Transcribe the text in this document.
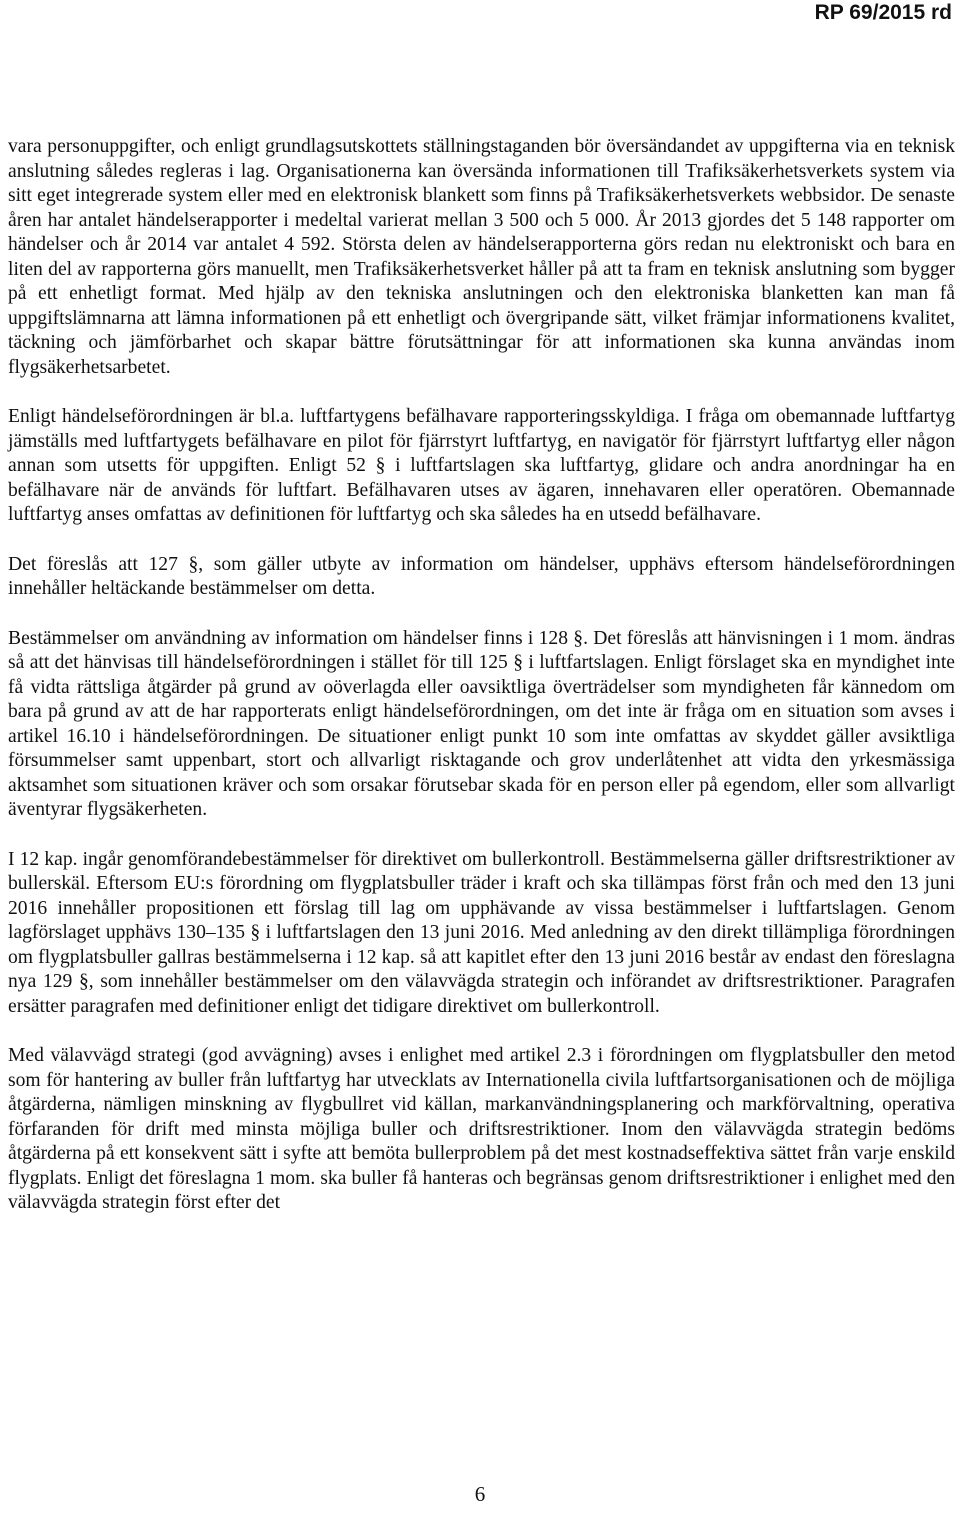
RP 69/2015 rd

vara personuppgifter, och enligt grundlagsutskottets ställningstaganden bör översändandet av uppgifterna via en teknisk anslutning således regleras i lag. Organisationerna kan översända informationen till Trafiksäkerhetsverkets system via sitt eget integrerade system eller med en elektronisk blankett som finns på Trafiksäkerhetsverkets webbsidor. De senaste åren har antalet händelserapporter i medeltal varierat mellan 3 500 och 5 000. År 2013 gjordes det 5 148 rapporter om händelser och år 2014 var antalet 4 592. Största delen av händelserapporterna görs redan nu elektroniskt och bara en liten del av rapporterna görs manuellt, men Trafiksäkerhetsverket håller på att ta fram en teknisk anslutning som bygger på ett enhetligt format. Med hjälp av den tekniska anslutningen och den elektroniska blanketten kan man få uppgiftslämnarna att lämna informationen på ett enhetligt och övergripande sätt, vilket främjar informationens kvalitet, täckning och jämförbarhet och skapar bättre förutsättningar för att informationen ska kunna användas inom flygsäkerhetsarbetet.

Enligt händelseförordningen är bl.a. luftfartygens befälhavare rapporteringsskyldiga. I fråga om obemannade luftfartyg jämställs med luftfartygets befälhavare en pilot för fjärrstyrt luftfartyg, en navigatör för fjärrstyrt luftfartyg eller någon annan som utsetts för uppgiften. Enligt 52 § i luftfartslagen ska luftfartyg, glidare och andra anordningar ha en befälhavare när de används för luftfart. Befälhavaren utses av ägaren, innehavaren eller operatören. Obemannade luftfartyg anses omfattas av definitionen för luftfartyg och ska således ha en utsedd befälhavare.

Det föreslås att 127 §, som gäller utbyte av information om händelser, upphävs eftersom händelseförordningen innehåller heltäckande bestämmelser om detta.

Bestämmelser om användning av information om händelser finns i 128 §. Det föreslås att hänvisningen i 1 mom. ändras så att det hänvisas till händelseförordningen i stället för till 125 § i luftfartslagen. Enligt förslaget ska en myndighet inte få vidta rättsliga åtgärder på grund av oöverlagda eller oavsiktliga överträdelser som myndigheten får kännedom om bara på grund av att de har rapporterats enligt händelseförordningen, om det inte är fråga om en situation som avses i artikel 16.10 i händelseförordningen. De situationer enligt punkt 10 som inte omfattas av skyddet gäller avsiktliga försummelser samt uppenbart, stort och allvarligt risktagande och grov underlåtenhet att vidta den yrkesmässiga aktsamhet som situationen kräver och som orsakar förutsebar skada för en person eller på egendom, eller som allvarligt äventyrar flygsäkerheten.

I 12 kap. ingår genomförandebestämmelser för direktivet om bullerkontroll. Bestämmelserna gäller driftsrestriktioner av bullerskäl. Eftersom EU:s förordning om flygplatsbuller träder i kraft och ska tillämpas först från och med den 13 juni 2016 innehåller propositionen ett förslag till lag om upphävande av vissa bestämmelser i luftfartslagen. Genom lagförslaget upphävs 130–135 § i luftfartslagen den 13 juni 2016. Med anledning av den direkt tillämpliga förordningen om flygplatsbuller gallras bestämmelserna i 12 kap. så att kapitlet efter den 13 juni 2016 består av endast den föreslagna nya 129 §, som innehåller bestämmelser om den välavvägda strategin och införandet av driftsrestriktioner. Paragrafen ersätter paragrafen med definitioner enligt det tidigare direktivet om bullerkontroll.

Med välavvägd strategi (god avvägning) avses i enlighet med artikel 2.3 i förordningen om flygplatsbuller den metod som för hantering av buller från luftfartyg har utvecklats av Internationella civila luftfartsorganisationen och de möjliga åtgärderna, nämligen minskning av flygbullret vid källan, markanvändningsplanering och markförvaltning, operativa förfaranden för drift med minsta möjliga buller och driftsrestriktioner. Inom den välavvägda strategin bedöms åtgärderna på ett konsekvent sätt i syfte att bemöta bullerproblem på det mest kostnadseffektiva sättet från varje enskild flygplats. Enligt det föreslagna 1 mom. ska buller få hanteras och begränsas genom driftsrestriktioner i enlighet med den välavvägda strategin först efter det

6
